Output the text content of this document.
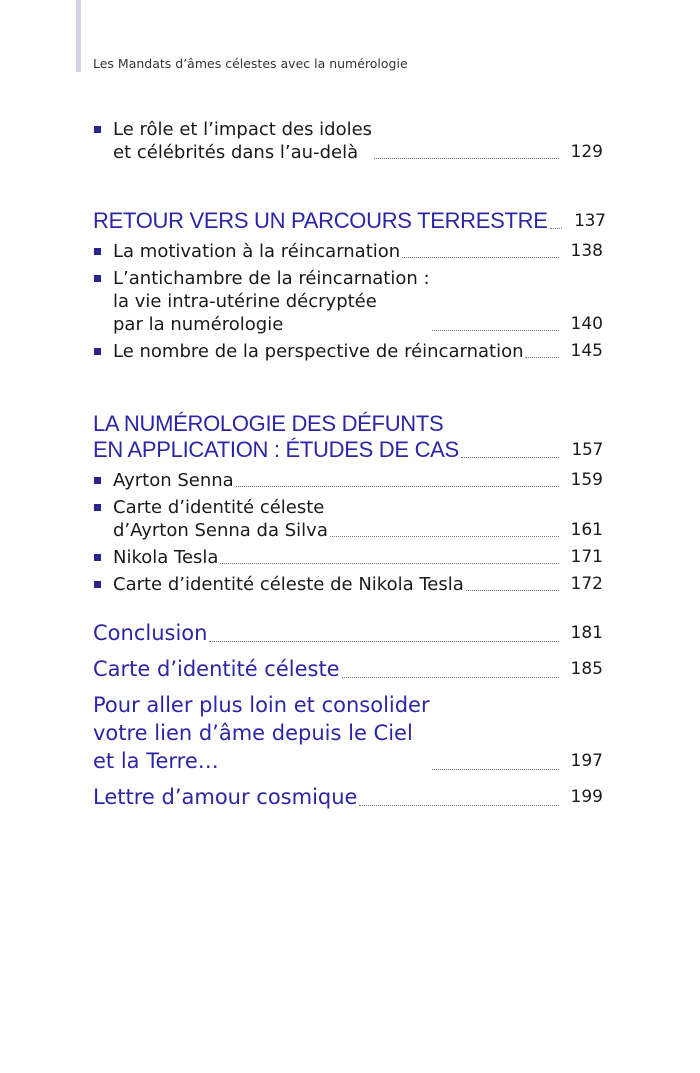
Les Mandats d’âmes célestes avec la numérologie
Le rôle et l’impact des idoles
et célébrités dans l’au-delà	129
RETOUR VERS UN PARCOURS TERRESTRE 137
La motivation à la réincarnation	138
L’antichambre de la réincarnation :
la vie intra-utérine décryptée
par la numérologie	140
Le nombre de la perspective de réincarnation	145
LA NUMÉROLOGIE DES DÉFUNTS
EN APPLICATION : ÉTUDES DE CAS	157
Ayrton Senna	159
Carte d’identité céleste
d’Ayrton Senna da Silva	161
Nikola Tesla	171
Carte d’identité céleste de Nikola Tesla	172
Conclusion	181
Carte d’identité céleste	185
Pour aller plus loin et consolider
votre lien d’âme depuis le Ciel
et la Terre…	197
Lettre d’amour cosmique	199
